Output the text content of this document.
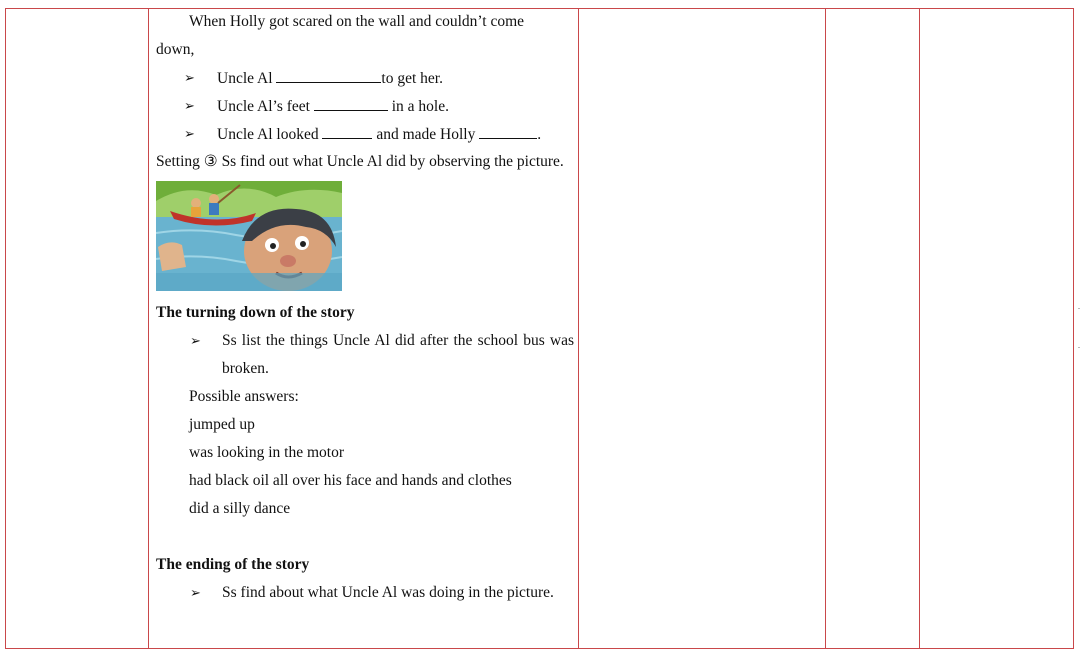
When Holly got scared on the wall and couldn’t come

down,

➢ Uncle Al	to get her.
➢ Uncle Al’s feet	in a hole.
➢ Uncle Al looked	and made Holly	.

Setting ③ Ss find out what Uncle Al did by observing the picture.

The turning down of the story

➢ Ss list the things Uncle Al did after the school bus was broken.
Possible answers:
jumped up
was looking in the motor
had black oil all over his face and hands and clothes
did a silly dance

The ending of the story

➢ Ss find about what Uncle Al was doing in the picture.
